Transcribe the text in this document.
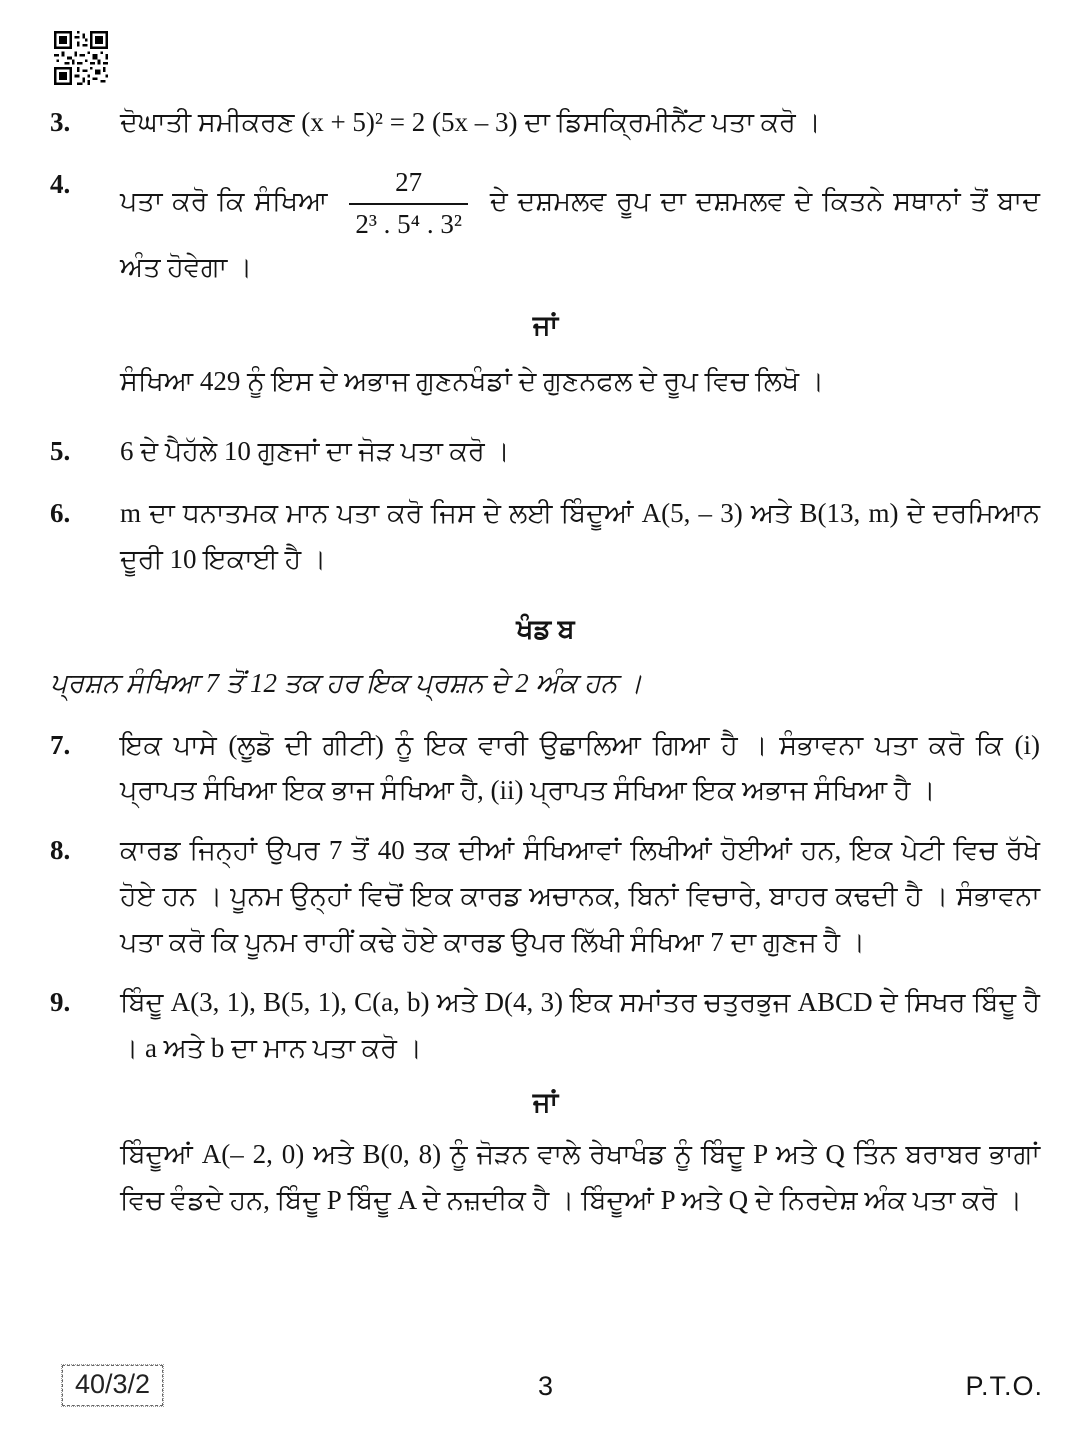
3.	ਦੋਘਾਤੀ ਸਮੀਕਰਣ (x + 5)² = 2 (5x – 3) ਦਾ ਡਿਸਕ੍ਰਿਮੀਨੈਂਟ ਪਤਾ ਕਰੋ ।
4.
ਪਤਾ ਕਰੋ ਕਿ ਸੰਖਿਆ $\frac{27}{\text{2³ . 5⁴ . 3²}}$ ਦੇ ਦਸ਼ਮਲਵ ਰੂਪ ਦਾ ਦਸ਼ਮਲਵ ਦੇ ਕਿਤਨੇ ਸਥਾਨਾਂ ਤੋਂ ਬਾਦ ਅੰਤ ਹੋਵੇਗਾ ।
ਜਾਂ
ਸੰਖਿਆ 429 ਨੂੰ ਇਸ ਦੇ ਅਭਾਜ ਗੁਣਨਖੰਡਾਂ ਦੇ ਗੁਣਨਫਲ ਦੇ ਰੂਪ ਵਿਚ ਲਿਖੋ ।
5.	6 ਦੇ ਪੈਹੱਲੇ 10 ਗੁਣਜਾਂ ਦਾ ਜੋੜ ਪਤਾ ਕਰੋ ।
6.	m ਦਾ ਧਨਾਤਮਕ ਮਾਨ ਪਤਾ ਕਰੋ ਜਿਸ ਦੇ ਲਈ ਬਿੰਦੂਆਂ A(5, – 3) ਅਤੇ B(13, m) ਦੇ ਦਰਮਿਆਨ ਦੂਰੀ 10 ਇਕਾਈ ਹੈ ।
ਖੰਡ ਬ
ਪ੍ਰਸ਼ਨ ਸੰਖਿਆ 7 ਤੋਂ 12 ਤਕ ਹਰ ਇਕ ਪ੍ਰਸ਼ਨ ਦੇ 2 ਅੰਕ ਹਨ ।
7.	ਇਕ ਪਾਸੇ (ਲੂਡੋ ਦੀ ਗੀਟੀ) ਨੂੰ ਇਕ ਵਾਰੀ ਉਛਾਲਿਆ ਗਿਆ ਹੈ । ਸੰਭਾਵਨਾ ਪਤਾ ਕਰੋ ਕਿ (i) ਪ੍ਰਾਪਤ ਸੰਖਿਆ ਇਕ ਭਾਜ ਸੰਖਿਆ ਹੈ, (ii) ਪ੍ਰਾਪਤ ਸੰਖਿਆ ਇਕ ਅਭਾਜ ਸੰਖਿਆ ਹੈ ।
8.	ਕਾਰਡ ਜਿਨ੍ਹਾਂ ਉਪਰ 7 ਤੋਂ 40 ਤਕ ਦੀਆਂ ਸੰਖਿਆਵਾਂ ਲਿਖੀਆਂ ਹੋਈਆਂ ਹਨ, ਇਕ ਪੇਟੀ ਵਿਚ ਰੱਖੇ ਹੋਏ ਹਨ । ਪੂਨਮ ਉਨ੍ਹਾਂ ਵਿਚੋਂ ਇਕ ਕਾਰਡ ਅਚਾਨਕ, ਬਿਨਾਂ ਵਿਚਾਰੇ, ਬਾਹਰ ਕਢਦੀ ਹੈ । ਸੰਭਾਵਨਾ ਪਤਾ ਕਰੋ ਕਿ ਪੂਨਮ ਰਾਹੀਂ ਕਢੇ ਹੋਏ ਕਾਰਡ ਉਪਰ ਲਿੱਖੀ ਸੰਖਿਆ 7 ਦਾ ਗੁਣਜ ਹੈ ।
9.	ਬਿੰਦੂ A(3, 1), B(5, 1), C(a, b) ਅਤੇ D(4, 3) ਇਕ ਸਮਾਂਤਰ ਚਤੁਰਭੁਜ ABCD ਦੇ ਸਿਖਰ ਬਿੰਦੂ ਹੈ । a ਅਤੇ b ਦਾ ਮਾਨ ਪਤਾ ਕਰੋ ।
ਜਾਂ
ਬਿੰਦੂਆਂ A(– 2, 0) ਅਤੇ B(0, 8) ਨੂੰ ਜੋੜਨ ਵਾਲੇ ਰੇਖਾਖੰਡ ਨੂੰ ਬਿੰਦੂ P ਅਤੇ Q ਤਿੰਨ ਬਰਾਬਰ ਭਾਗਾਂ ਵਿਚ ਵੰਡਦੇ ਹਨ, ਬਿੰਦੂ P ਬਿੰਦੂ A ਦੇ ਨਜ਼ਦੀਕ ਹੈ । ਬਿੰਦੂਆਂ P ਅਤੇ Q ਦੇ ਨਿਰਦੇਸ਼ ਅੰਕ ਪਤਾ ਕਰੋ ।
40/3/2	3	P.T.O.
